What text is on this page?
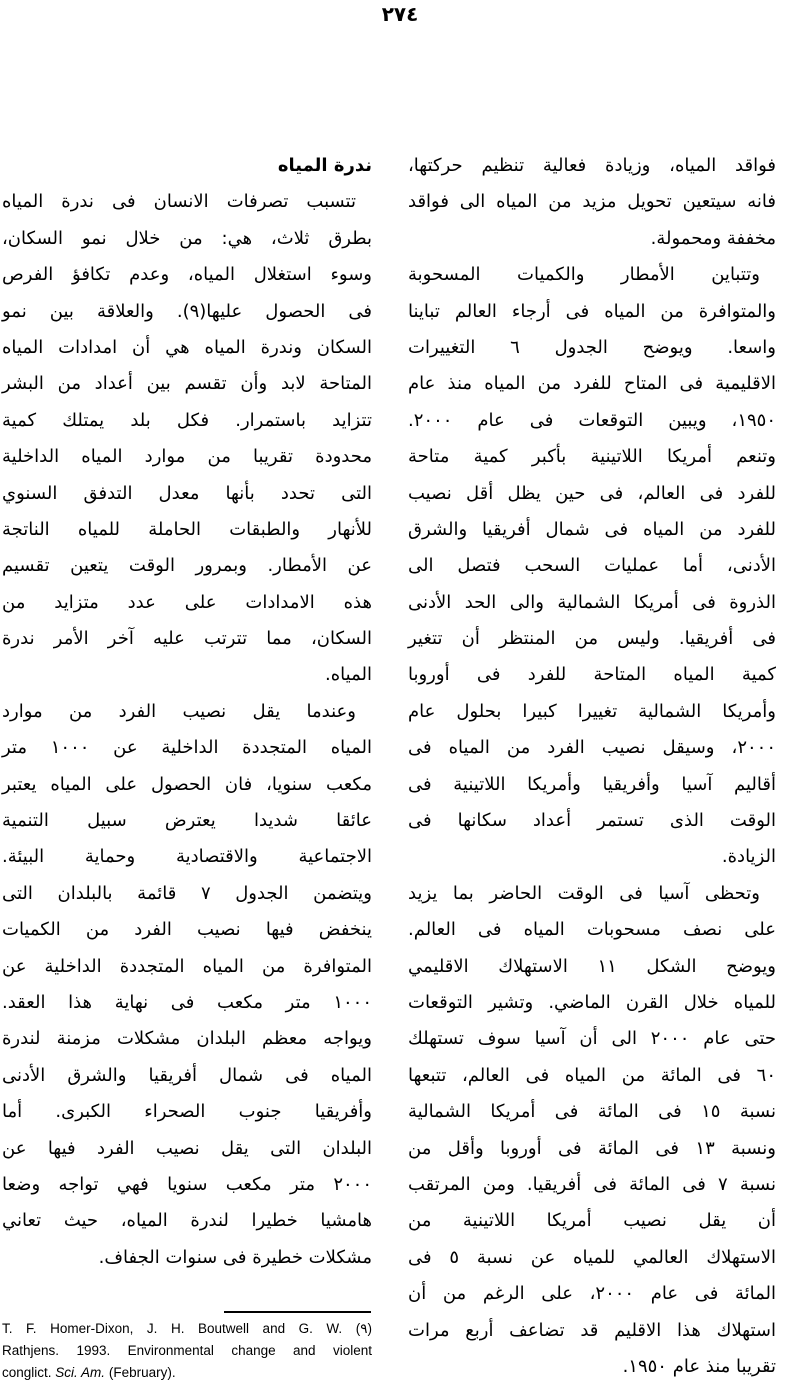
٢٧٤
فواقد المياه، وزيادة فعالية تنظيم حركتها،
فانه سيتعين تحويل مزيد من المياه الى فواقد
مخففة ومحمولة.
وتتباين الأمطار والكميات المسحوبة
والمتوافرة من المياه فى أرجاء العالم تباينا
واسعا. ويوضح الجدول ٦ التغييرات
الاقليمية فى المتاح للفرد من المياه منذ عام
١٩٥٠، ويبين التوقعات فى عام ٢٠٠٠.
وتنعم أمريكا اللاتينية بأكبر كمية متاحة
للفرد فى العالم، فى حين يظل أقل نصيب
للفرد من المياه فى شمال أفريقيا والشرق
الأدنى، أما عمليات السحب فتصل الى
الذروة فى أمريكا الشمالية والى الحد الأدنى
فى أفريقيا. وليس من المنتظر أن تتغير
كمية المياه المتاحة للفرد فى أوروبا
وأمريكا الشمالية تغييرا كبيرا بحلول عام
٢٠٠٠، وسيقل نصيب الفرد من المياه فى
أقاليم آسيا وأفريقيا وأمريكا اللاتينية فى
الوقت الذى تستمر أعداد سكانها فى
الزيادة.
وتحظى آسيا فى الوقت الحاضر بما يزيد
على نصف مسحوبات المياه فى العالم.
ويوضح الشكل ١١ الاستهلاك الاقليمي
للمياه خلال القرن الماضي. وتشير التوقعات
حتى عام ٢٠٠٠ الى أن آسيا سوف تستهلك
٦٠ فى المائة من المياه فى العالم، تتبعها
نسبة ١٥ فى المائة فى أمريكا الشمالية
ونسبة ١٣ فى المائة فى أوروبا وأقل من
نسبة ٧ فى المائة فى أفريقيا. ومن المرتقب
أن يقل نصيب أمريكا اللاتينية من
الاستهلاك العالمي للمياه عن نسبة ٥ فى
المائة فى عام ٢٠٠٠، على الرغم من أن
استهلاك هذا الاقليم قد تضاعف أربع مرات
تقريبا منذ عام ١٩٥٠.
ندرة المياه
تتسبب تصرفات الانسان فى ندرة المياه
بطرق ثلاث، هي: من خلال نمو السكان،
وسوء استغلال المياه، وعدم تكافؤ الفرص
فى الحصول عليها(٩). والعلاقة بين نمو
السكان وندرة المياه هي أن امدادات المياه
المتاحة لابد وأن تقسم بين أعداد من البشر
تتزايد باستمرار. فكل بلد يمتلك كمية
محدودة تقريبا من موارد المياه الداخلية
التى تحدد بأنها معدل التدفق السنوي
للأنهار والطبقات الحاملة للمياه الناتجة
عن الأمطار. وبمرور الوقت يتعين تقسيم
هذه الامدادات على عدد متزايد من
السكان، مما تترتب عليه آخر الأمر ندرة
المياه.
وعندما يقل نصيب الفرد من موارد
المياه المتجددة الداخلية عن ١٠٠٠ متر
مكعب سنويا، فان الحصول على المياه يعتبر
عائقا شديدا يعترض سبيل التنمية
الاجتماعية والاقتصادية وحماية البيئة.
ويتضمن الجدول ٧ قائمة بالبلدان التى
ينخفض فيها نصيب الفرد من الكميات
المتوافرة من المياه المتجددة الداخلية عن
١٠٠٠ متر مكعب فى نهاية هذا العقد.
ويواجه معظم البلدان مشكلات مزمنة لندرة
المياه فى شمال أفريقيا والشرق الأدنى
وأفريقيا جنوب الصحراء الكبرى. أما
البلدان التى يقل نصيب الفرد فيها عن
٢٠٠٠ متر مكعب سنويا فهي تواجه وضعا
هامشيا خطيرا لندرة المياه، حيث تعاني
مشكلات خطيرة فى سنوات الجفاف.
T. F. Homer-Dixon, J. H. Boutwell and G. W. (٩)
Rathjens. 1993. Environmental change and violent
conglict. Sci. Am. (February).
